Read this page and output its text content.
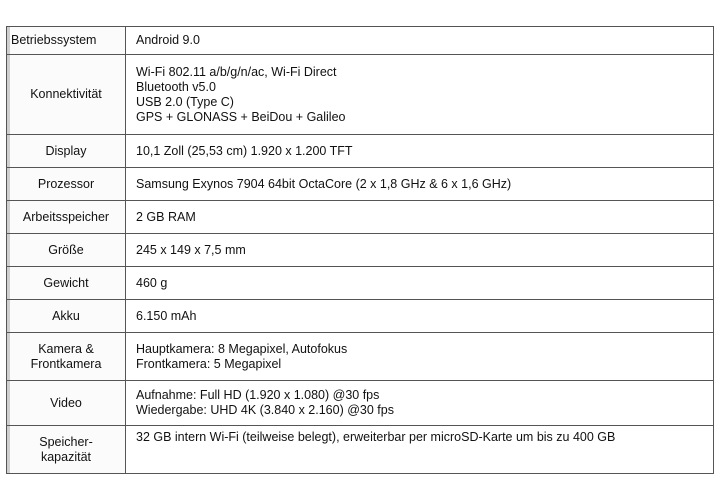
Betriebssystem	Android 9.0

Konnektivität	Wi-Fi 802.11 a/b/g/n/ac, Wi-Fi Direct
Bluetooth v5.0
USB 2.0 (Type C)
GPS + GLONASS + BeiDou + Galileo

Display	10,1 Zoll (25,53 cm) 1.920 x 1.200 TFT

Prozessor	Samsung Exynos 7904 64bit OctaCore (2 x 1,8 GHz & 6 x 1,6 GHz)

Arbeitsspeicher	2 GB RAM

Größe	245 x 149 x 7,5 mm

Gewicht	460 g

Akku	6.150 mAh

Kamera &
Frontkamera	Hauptkamera: 8 Megapixel, Autofokus
Frontkamera: 5 Megapixel

Video	Aufnahme: Full HD (1.920 x 1.080) @30 fps
Wiedergabe: UHD 4K (3.840 x 2.160) @30 fps

Speicher-
kapazität	32 GB intern Wi-Fi (teilweise belegt), erweiterbar per microSD-Karte um bis zu 400 GB
